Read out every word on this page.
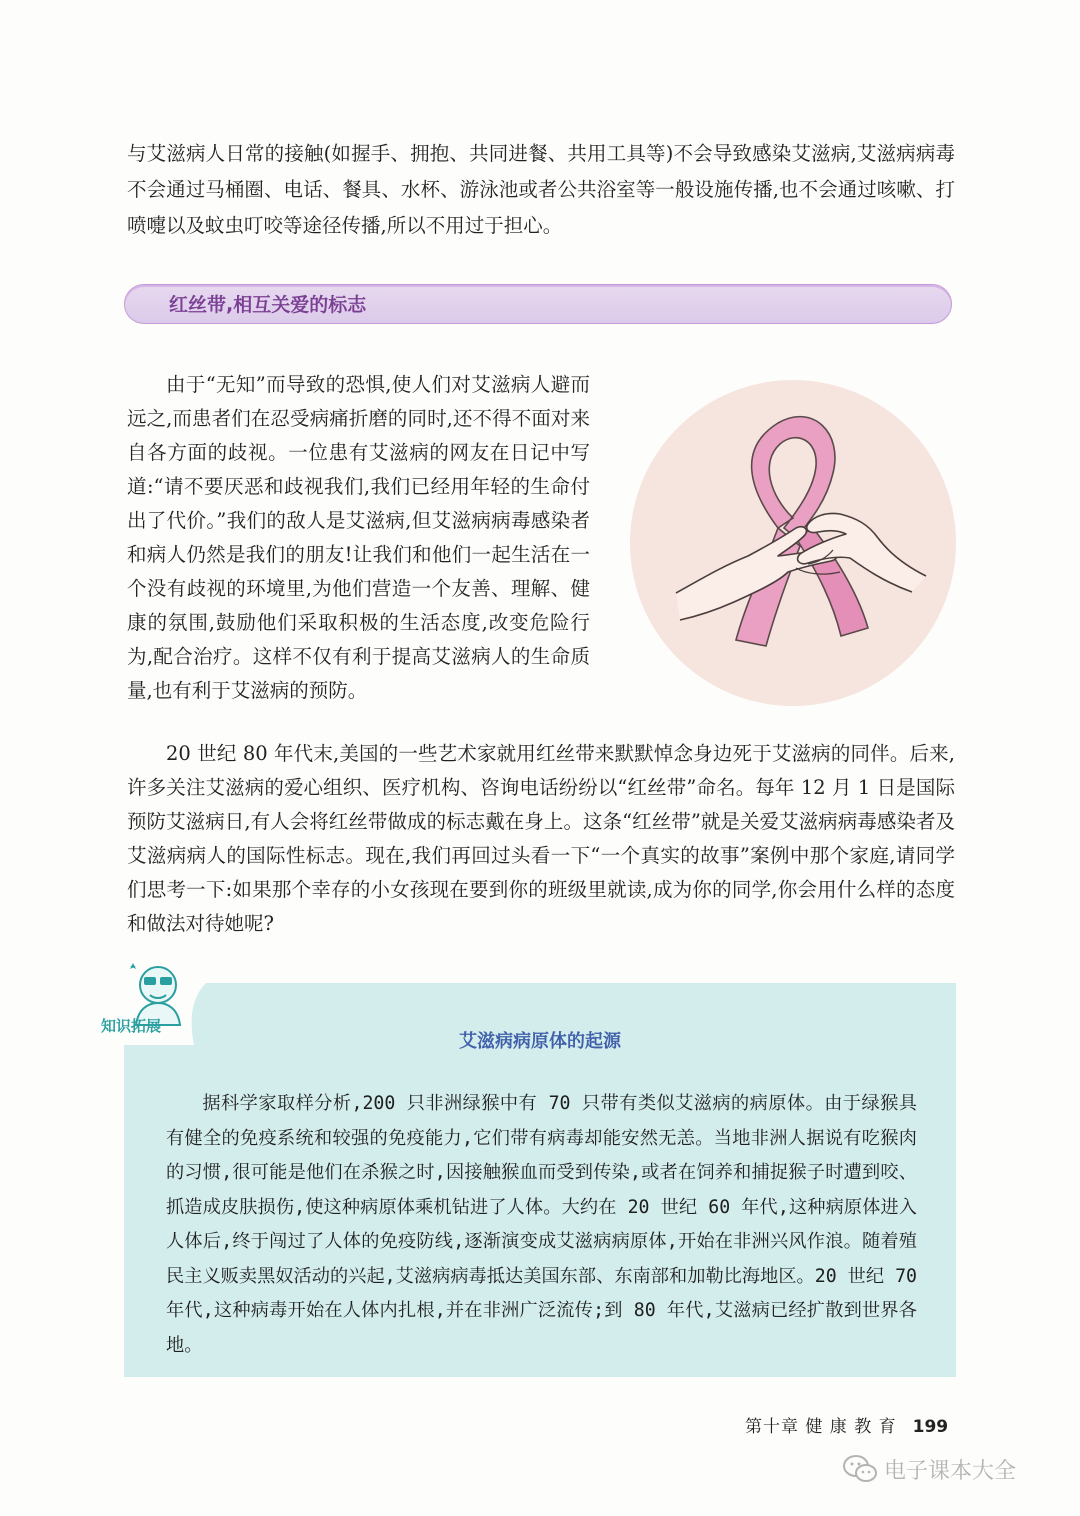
与艾滋病人日常的接触(如握手、拥抱、共同进餐、共用工具等)不会导致感染艾滋病,艾滋病病毒不会通过马桶圈、电话、餐具、水杯、游泳池或者公共浴室等一般设施传播,也不会通过咳嗽、打喷嚏以及蚊虫叮咬等途径传播,所以不用过于担心。

红丝带,相互关爱的标志

由于“无知”而导致的恐惧,使人们对艾滋病人避而远之,而患者们在忍受病痛折磨的同时,还不得不面对来自各方面的歧视。一位患有艾滋病的网友在日记中写道:“请不要厌恶和歧视我们,我们已经用年轻的生命付出了代价。”我们的敌人是艾滋病,但艾滋病病毒感染者和病人仍然是我们的朋友!让我们和他们一起生活在一个没有歧视的环境里,为他们营造一个友善、理解、健康的氛围,鼓励他们采取积极的生活态度,改变危险行为,配合治疗。这样不仅有利于提高艾滋病人的生命质量,也有利于艾滋病的预防。

20 世纪 80 年代末,美国的一些艺术家就用红丝带来默默悼念身边死于艾滋病的同伴。后来,许多关注艾滋病的爱心组织、医疗机构、咨询电话纷纷以“红丝带”命名。每年 12 月 1 日是国际预防艾滋病日,有人会将红丝带做成的标志戴在身上。这条“红丝带”就是关爱艾滋病病毒感染者及艾滋病病人的国际性标志。现在,我们再回过头看一下“一个真实的故事”案例中那个家庭,请同学们思考一下:如果那个幸存的小女孩现在要到你的班级里就读,成为你的同学,你会用什么样的态度和做法对待她呢?

知识拓展
艾滋病病原体的起源

据科学家取样分析,200 只非洲绿猴中有 70 只带有类似艾滋病的病原体。由于绿猴具有健全的免疫系统和较强的免疫能力,它们带有病毒却能安然无恙。当地非洲人据说有吃猴肉的习惯,很可能是他们在杀猴之时,因接触猴血而受到传染,或者在饲养和捕捉猴子时遭到咬、抓造成皮肤损伤,使这种病原体乘机钻进了人体。大约在 20 世纪 60 年代,这种病原体进入人体后,终于闯过了人体的免疫防线,逐渐演变成艾滋病病原体,开始在非洲兴风作浪。随着殖民主义贩卖黑奴活动的兴起,艾滋病病毒抵达美国东部、东南部和加勒比海地区。20 世纪 70 年代,这种病毒开始在人体内扎根,并在非洲广泛流传;到 80 年代,艾滋病已经扩散到世界各地。

第十章 健 康 教 育 199
电子课本大全
